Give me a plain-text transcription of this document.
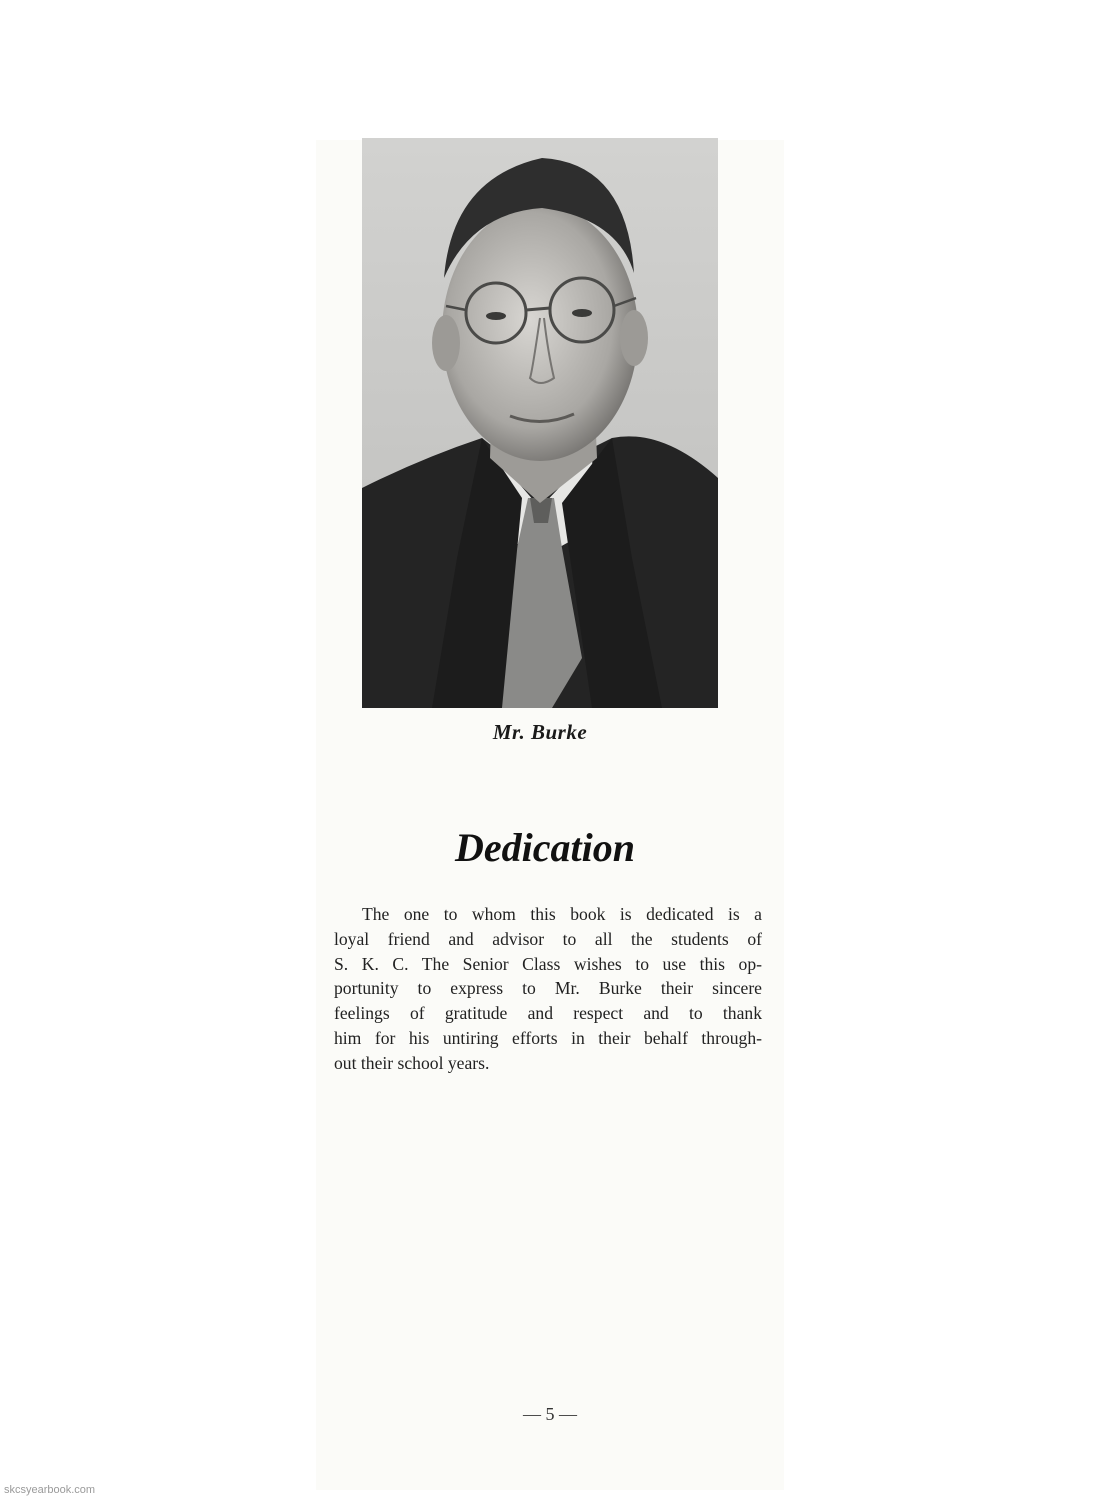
Mr. Burke
Dedication
The one to whom this book is dedicated is a
loyal friend and advisor to all the students of
S. K. C. The Senior Class wishes to use this op-
portunity to express to Mr. Burke their sincere
feelings of gratitude and respect and to thank
him for his untiring efforts in their behalf through-
out their school years.
— 5 —
skcsyearbook.com
